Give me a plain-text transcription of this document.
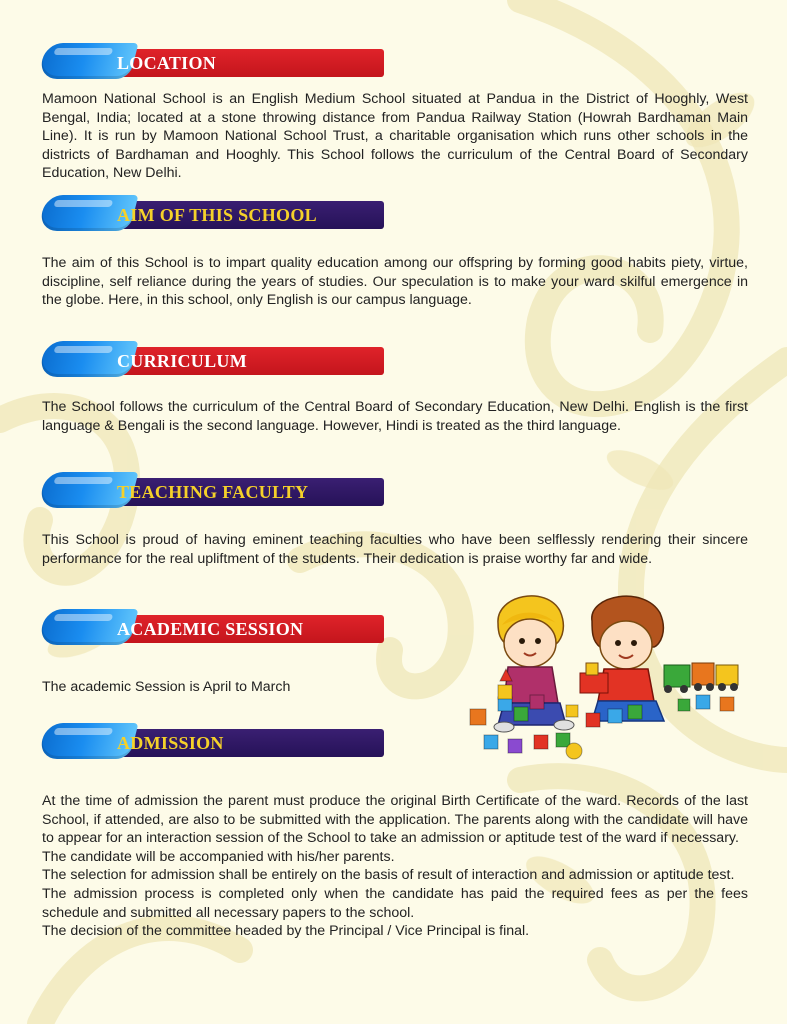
LOCATION

Mamoon National School is an English Medium School situated at Pandua in the District of Hooghly, West Bengal, India; located at a stone throwing distance from Pandua Railway Station (Howrah Bardhaman Main Line). It is run by Mamoon National School Trust, a charitable organisation which runs other schools in the districts of Bardhaman and Hooghly. This School follows the curriculum of the Central Board of Secondary Education, New Delhi.

AIM OF THIS SCHOOL

The aim of this School is to impart quality education among our offspring by forming good habits piety, virtue, discipline, self reliance during the years of studies. Our speculation is to make your ward skilful emergence in the globe. Here, in this school, only English is our campus language.

CURRICULUM

The School follows the curriculum of the Central Board of Secondary Education, New Delhi. English is the first language & Bengali is the second language. However, Hindi is treated as the third language.

TEACHING FACULTY

This School is proud of having eminent teaching faculties who have been selflessly rendering their sincere performance for the real upliftment of the students. Their dedication is praise worthy far and wide.

ACADEMIC SESSION

The academic Session is April to March

ADMISSION
At the time of admission the parent must produce the original Birth Certificate of the ward. Records of the last School, if attended, are also to be submitted with the application. The parents along with the candidate will have to appear for an interaction session of the School to take an admission or aptitude test of the ward if necessary.
The candidate will be accompanied with his/her parents.
The selection for admission shall be entirely on the basis of result of interaction and admission or aptitude test.
The admission process is completed only when the candidate has paid the required fees as per the fees schedule and submitted all necessary papers to the school.
The decision of the committee headed by the Principal / Vice Principal is final.
